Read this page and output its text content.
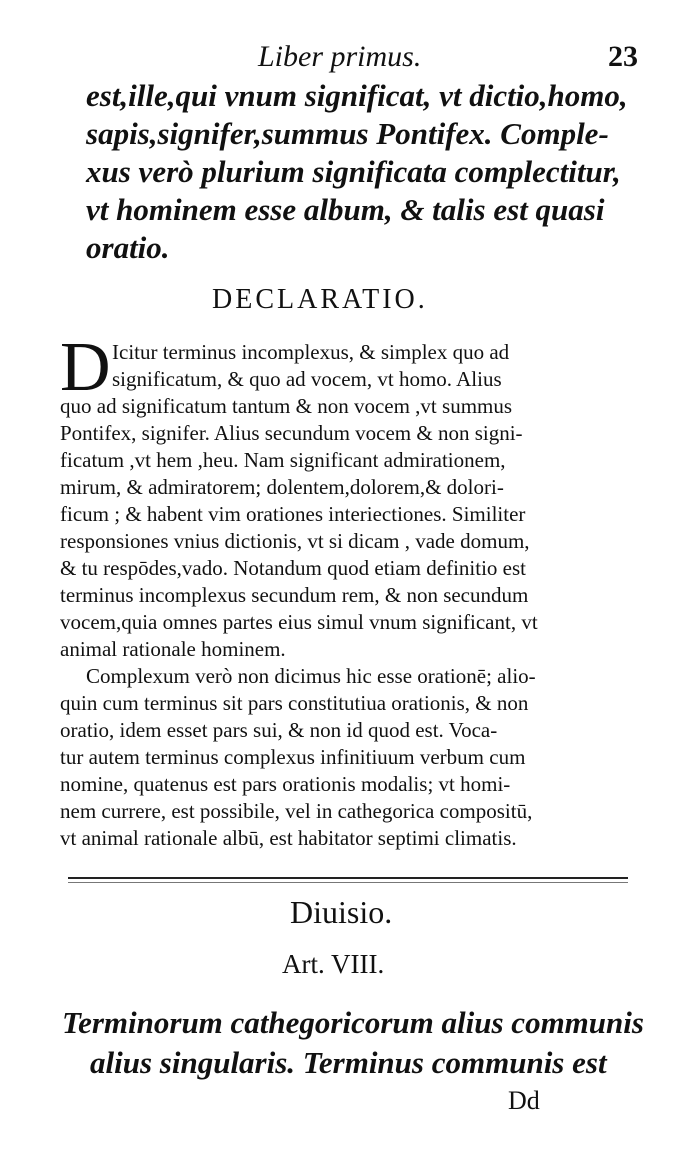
Liber primus.	23
est,ille,qui vnum significat, vt dictio,homo,
sapis,signifer,summus Pontifex. Comple-
xus verò plurium significata complectitur,
vt hominem esse album, & talis est quasi
oratio.
DECLARATIO.
D Icitur terminus incomplexus, & simplex quo ad
significatum, & quo ad vocem, vt homo. Alius
quo ad significatum tantum & non vocem ,vt summus
Pontifex, signifer. Alius secundum vocem & non signi-
ficatum ,vt hem ,heu. Nam significant admirationem,
mirum, & admiratorem; dolentem,dolorem,& dolori-
ficum ; & habent vim orationes interiectiones. Similiter
responsiones vnius dictionis, vt si dicam , vade domum,
& tu respōdes,vado. Notandum quod etiam definitio est
terminus incomplexus secundum rem, & non secundum
vocem,quia omnes partes eius simul vnum significant, vt
animal rationale hominem.
Complexum verò non dicimus hic esse orationē; alio-
quin cum terminus sit pars constitutiua orationis, & non
oratio, idem esset pars sui, & non id quod est. Voca-
tur autem terminus complexus infinitiuum verbum cum
nomine, quatenus est pars orationis modalis; vt homi-
nem currere, est possibile, vel in cathegorica compositū,
vt animal rationale albū, est habitator septimi climatis.
Diuisio.
Art. VIII.
Terminorum cathegoricorum alius communis
alius singularis. Terminus communis est
Dd
